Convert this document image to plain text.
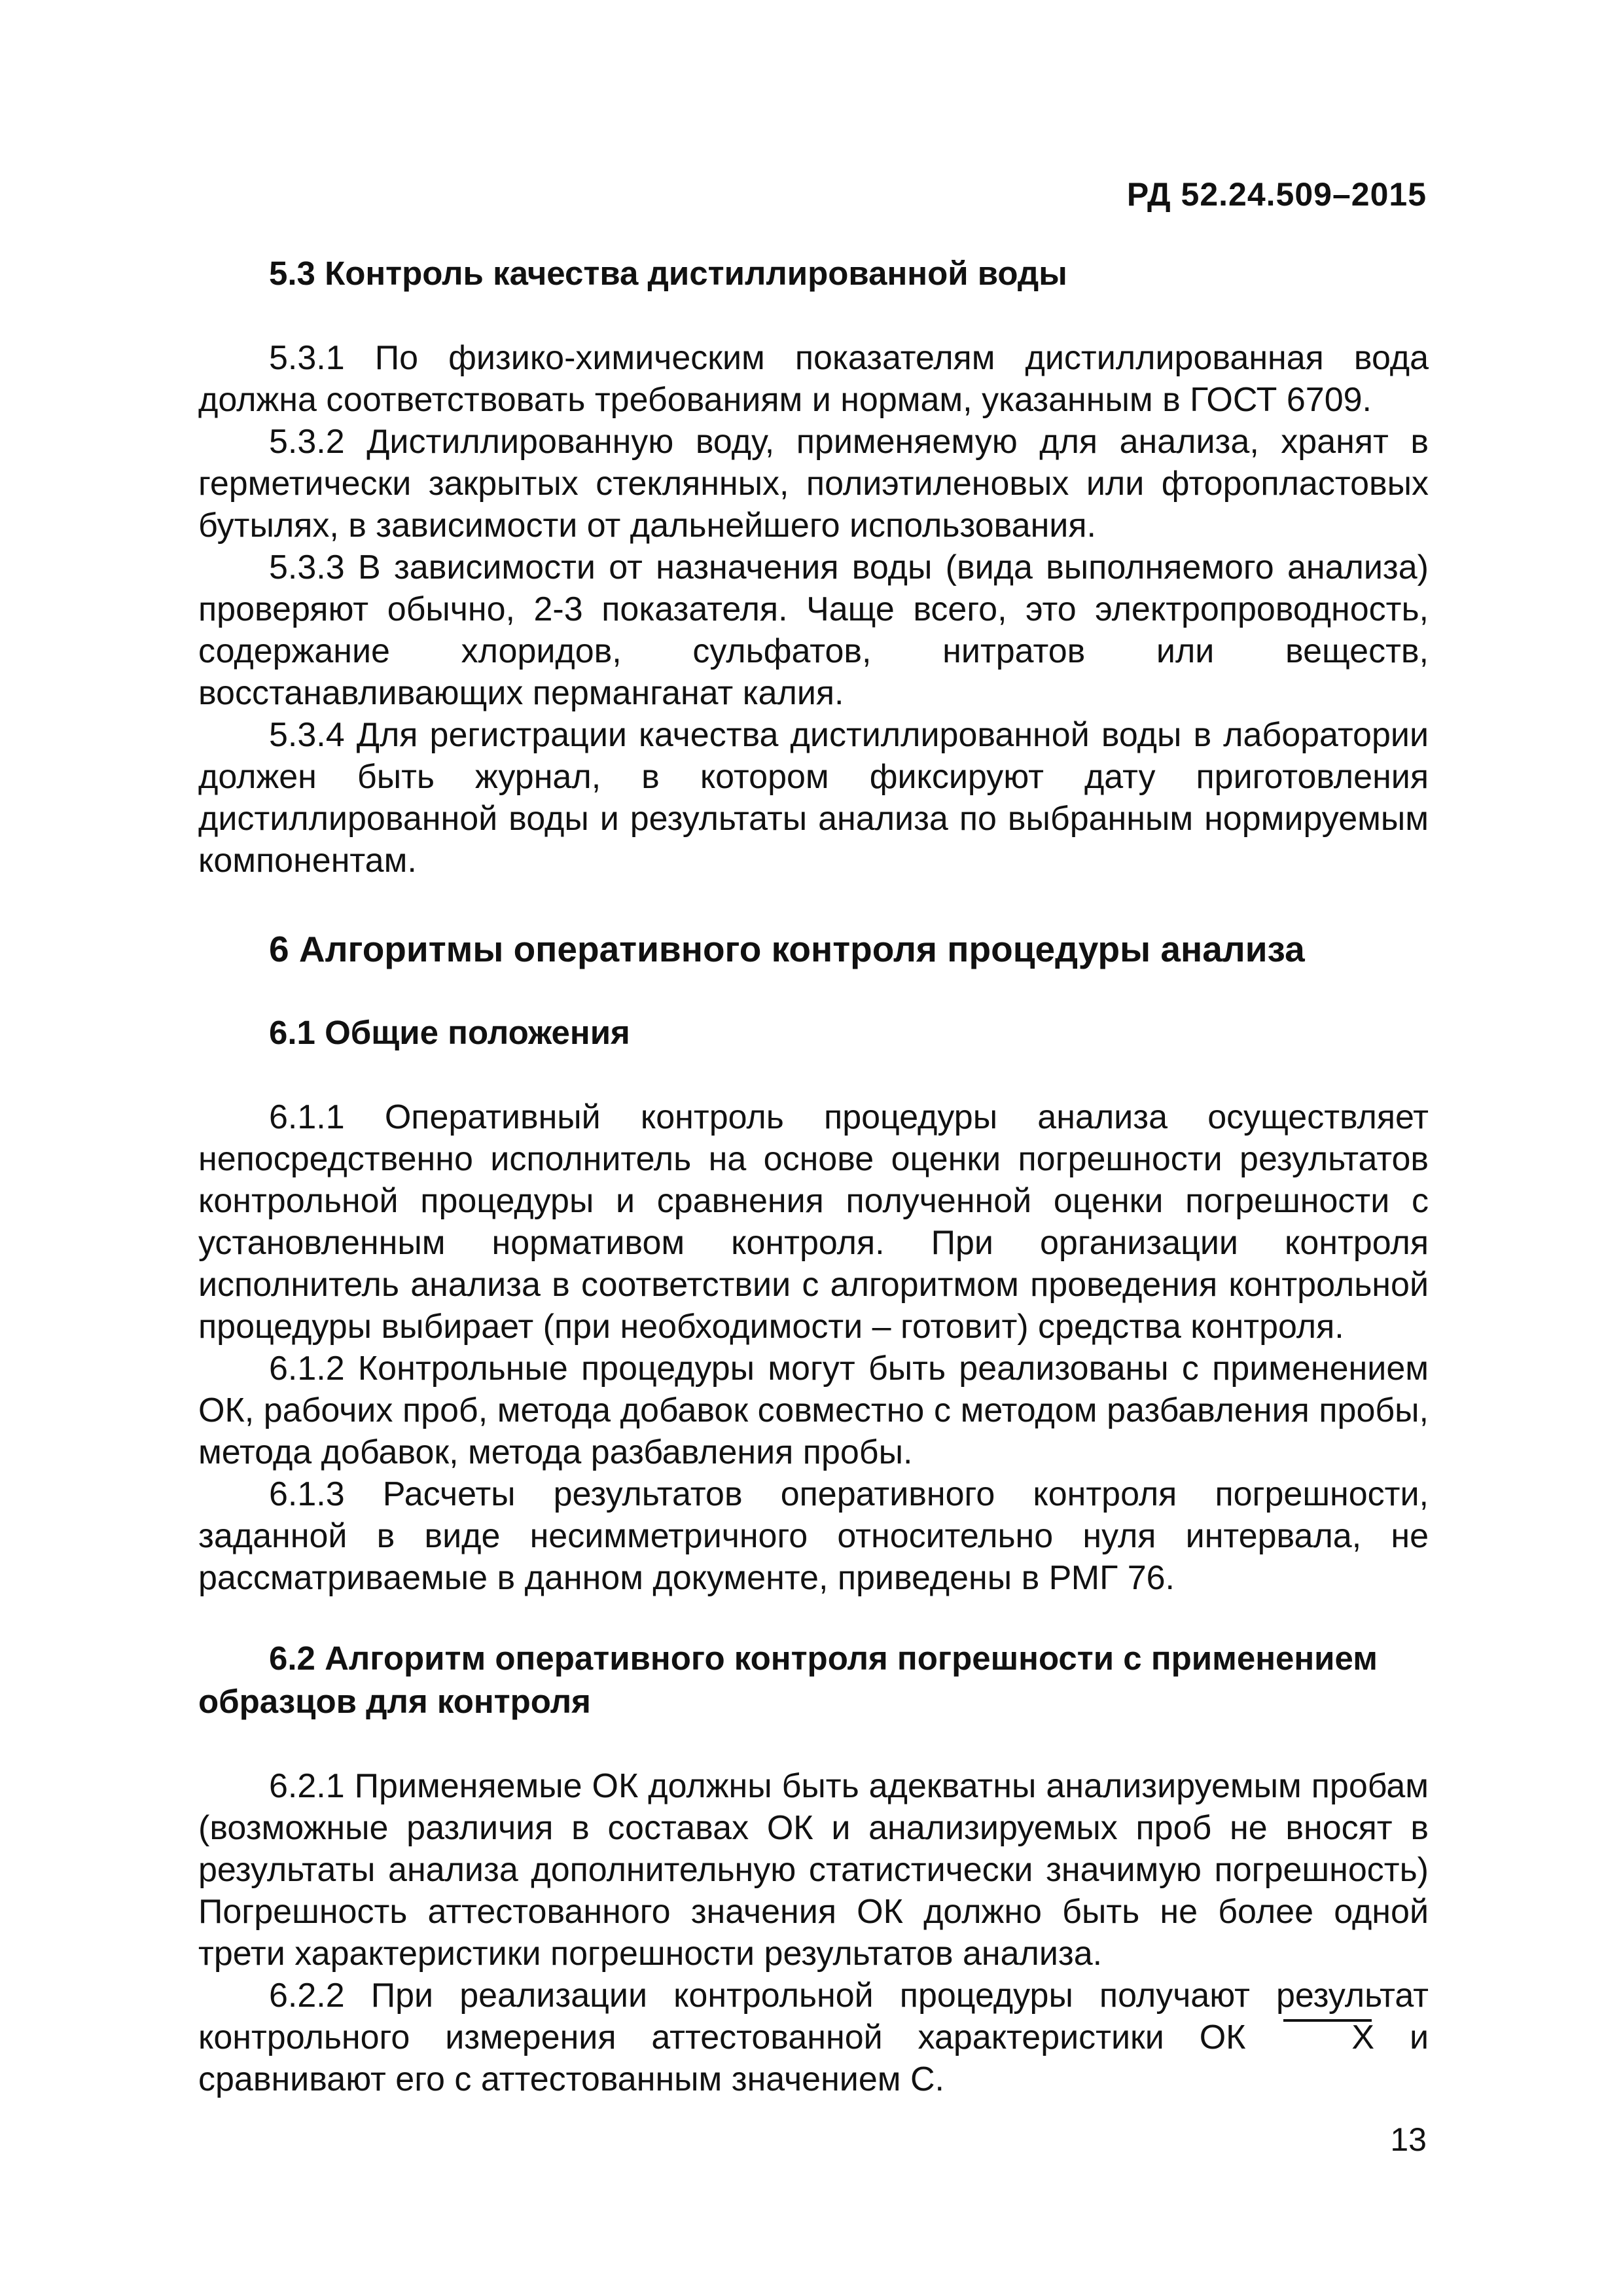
РД 52.24.509–2015
5.3 Контроль качества дистиллированной воды

5.3.1 По физико-химическим показателям дистиллированная вода должна соответствовать требованиям и нормам, указанным в ГОСТ 6709.

5.3.2 Дистиллированную воду, применяемую для анализа, хранят в герметически закрытых стеклянных, полиэтиленовых или фторопластовых бутылях, в зависимости от дальнейшего использования.

5.3.3 В зависимости от назначения воды (вида выполняемого анализа) проверяют обычно, 2-3 показателя. Чаще всего, это электропроводность, содержание хлоридов, сульфатов, нитратов или веществ, восстанавливающих перманганат калия.

5.3.4 Для регистрации качества дистиллированной воды в лаборатории должен быть журнал, в котором фиксируют дату приготовления дистиллированной воды и результаты анализа по выбранным нормируемым компонентам.

6 Алгоритмы оперативного контроля процедуры анализа
6.1 Общие положения

6.1.1 Оперативный контроль процедуры анализа осуществляет непосредственно исполнитель на основе оценки погрешности результатов контрольной процедуры и сравнения полученной оценки погрешности с установленным нормативом контроля. При организации контроля исполнитель анализа в соответствии с алгоритмом проведения контрольной процедуры выбирает (при необходимости – готовит) средства контроля.

6.1.2 Контрольные процедуры могут быть реализованы с применением ОК, рабочих проб, метода добавок совместно с методом разбавления пробы, метода добавок, метода разбавления пробы.

6.1.3 Расчеты результатов оперативного контроля погрешности, заданной в виде несимметричного относительно нуля интервала, не рассматриваемые в данном документе, приведены в РМГ 76.

6.2 Алгоритм оперативного контроля погрешности с применением образцов для контроля

6.2.1 Применяемые ОК должны быть адекватны анализируемым пробам (возможные различия в составах ОК и анализируемых проб не вносят в результаты анализа дополнительную статистически значимую погрешность) Погрешность аттестованного значения ОК должно быть не более одной трети характеристики погрешности результатов анализа.

6.2.2 При реализации контрольной процедуры получают результат контрольного измерения аттестованной характеристики ОК	X и сравнивают его с аттестованным значением С.

13
